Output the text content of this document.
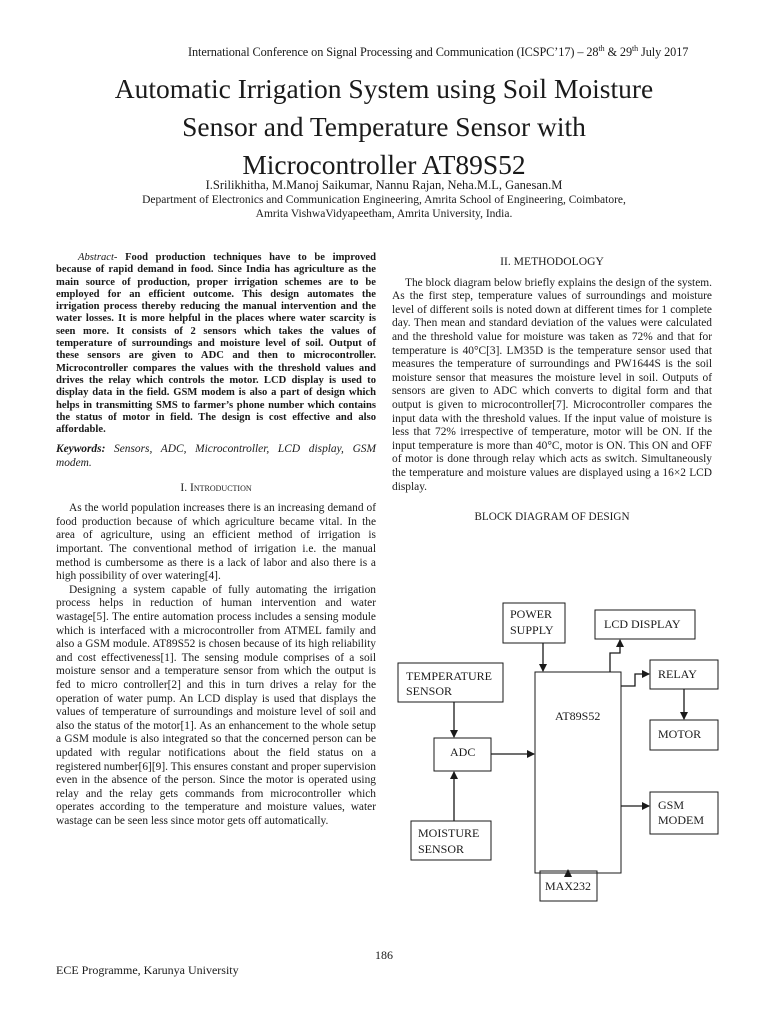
International Conference on Signal Processing and Communication (ICSPC’17) – 28th & 29th July 2017
Automatic Irrigation System using Soil Moisture
Sensor and Temperature Sensor with
Microcontroller AT89S52
I.Srilikhitha, M.Manoj Saikumar, Nannu Rajan, Neha.M.L, Ganesan.M
Department of Electronics and Communication Engineering, Amrita School of Engineering, Coimbatore,
Amrita VishwaVidyapeetham, Amrita University, India.

Abstract- Food production techniques have to be improved because of rapid demand in food. Since India has agriculture as the main source of production, proper irrigation schemes are to be employed for an efficient outcome. This design automates the irrigation process thereby reducing the manual intervention and the water losses. It is more helpful in the places where water scarcity is seen more. It consists of 2 sensors which takes the values of temperature of surroundings and moisture level of soil. Output of these sensors are given to ADC and then to microcontroller. Microcontroller compares the values with the threshold values and drives the relay which controls the motor. LCD display is used to display data in the field. GSM modem is also a part of design which helps in transmitting SMS to farmer’s phone number which contains the status of motor in field. The design is cost effective and also affordable.

Keywords: Sensors, ADC, Microcontroller, LCD display, GSM modem.

I. Introduction

As the world population increases there is an increasing demand of food production because of which agriculture became vital. In the area of agriculture, using an efficient method of irrigation is important. The conventional method of irrigation i.e. the manual method is cumbersome as there is a lack of labor and also there is a high possibility of over watering[4].

Designing a system capable of fully automating the irrigation process helps in reduction of human intervention and water wastage[5]. The entire automation process includes a sensing module which is interfaced with a microcontroller from ATMEL family and also a GSM module. AT89S52 is chosen because of its high reliability and cost effectiveness[1]. The sensing module comprises of a soil moisture sensor and a temperature sensor from which the output is fed to micro controller[2] and this in turn drives a relay for the operation of water pump. An LCD display is used that displays the values of temperature of surroundings and moisture level of soil and also the status of the motor[1]. As an enhancement to the whole setup a GSM module is also integrated so that the concerned person can be updated with regular notifications about the field status on a registered number[6][9]. This ensures constant and proper supervision even in the absence of the person. Since the motor is operated using relay and the relay gets commands from microcontroller which operates according to the temperature and moisture values, water wastage can be seen less since motor gets off automatically.

II. METHODOLOGY

The block diagram below briefly explains the design of the system. As the first step, temperature values of surroundings and moisture level of different soils is noted down at different times for 1 complete day. Then mean and standard deviation of the values were calculated and the threshold value for moisture was taken as 72% and that for temperature is 40°C[3]. LM35D is the temperature sensor used that measures the temperature of surroundings and PW1644S is the soil moisture sensor that measures the moisture level in soil. Outputs of sensors are given to ADC which converts to digital form and that output is given to microcontroller[7]. Microcontroller compares the input data with the threshold values. If the input value of moisture is less that 72% irrespective of temperature, motor will be ON. If the input temperature is more than 40°C, motor is ON. This ON and OFF of motor is done through relay which acts as switch. Simultaneously the temperature and moisture values are displayed using a 16×2 LCD display.

BLOCK DIAGRAM OF DESIGN
POWER
SUPPLY	LCD DISPLAY
TEMPERATURE
SENSOR
AT89S52
RELAY
ADC
MOTOR
GSM
MODEM
MOISTURE
SENSOR
MAX232
186
ECE Programme, Karunya University
